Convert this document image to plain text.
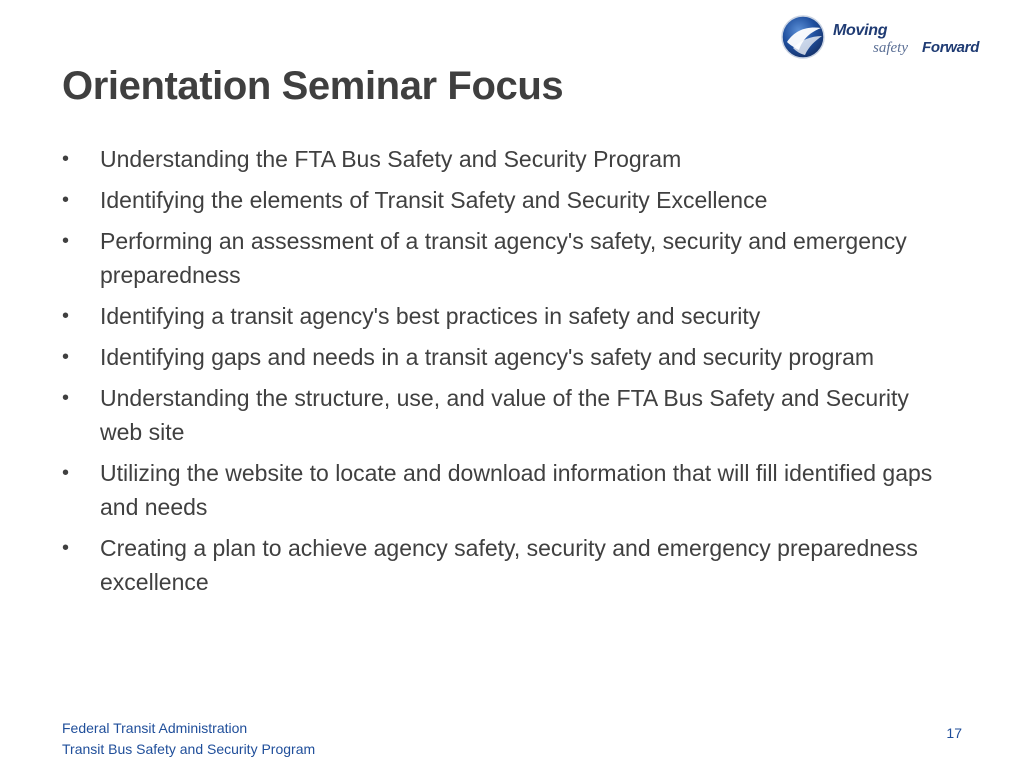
Moving
safety Forward
Orientation Seminar Focus
•	Understanding the FTA Bus Safety and Security Program
•	Identifying the elements of Transit Safety and Security Excellence
•	Performing an assessment of a transit agency's safety, security and emergency preparedness
•	Identifying a transit agency's best practices in safety and security
•	Identifying gaps and needs in a transit agency's safety and security program
•	Understanding the structure, use, and value of the FTA Bus Safety and Security web site
•	Utilizing the website to locate and download information that will fill identified gaps and needs
•	Creating a plan to achieve agency safety, security and emergency preparedness excellence
Federal Transit Administration
Transit Bus Safety and Security Program
17
